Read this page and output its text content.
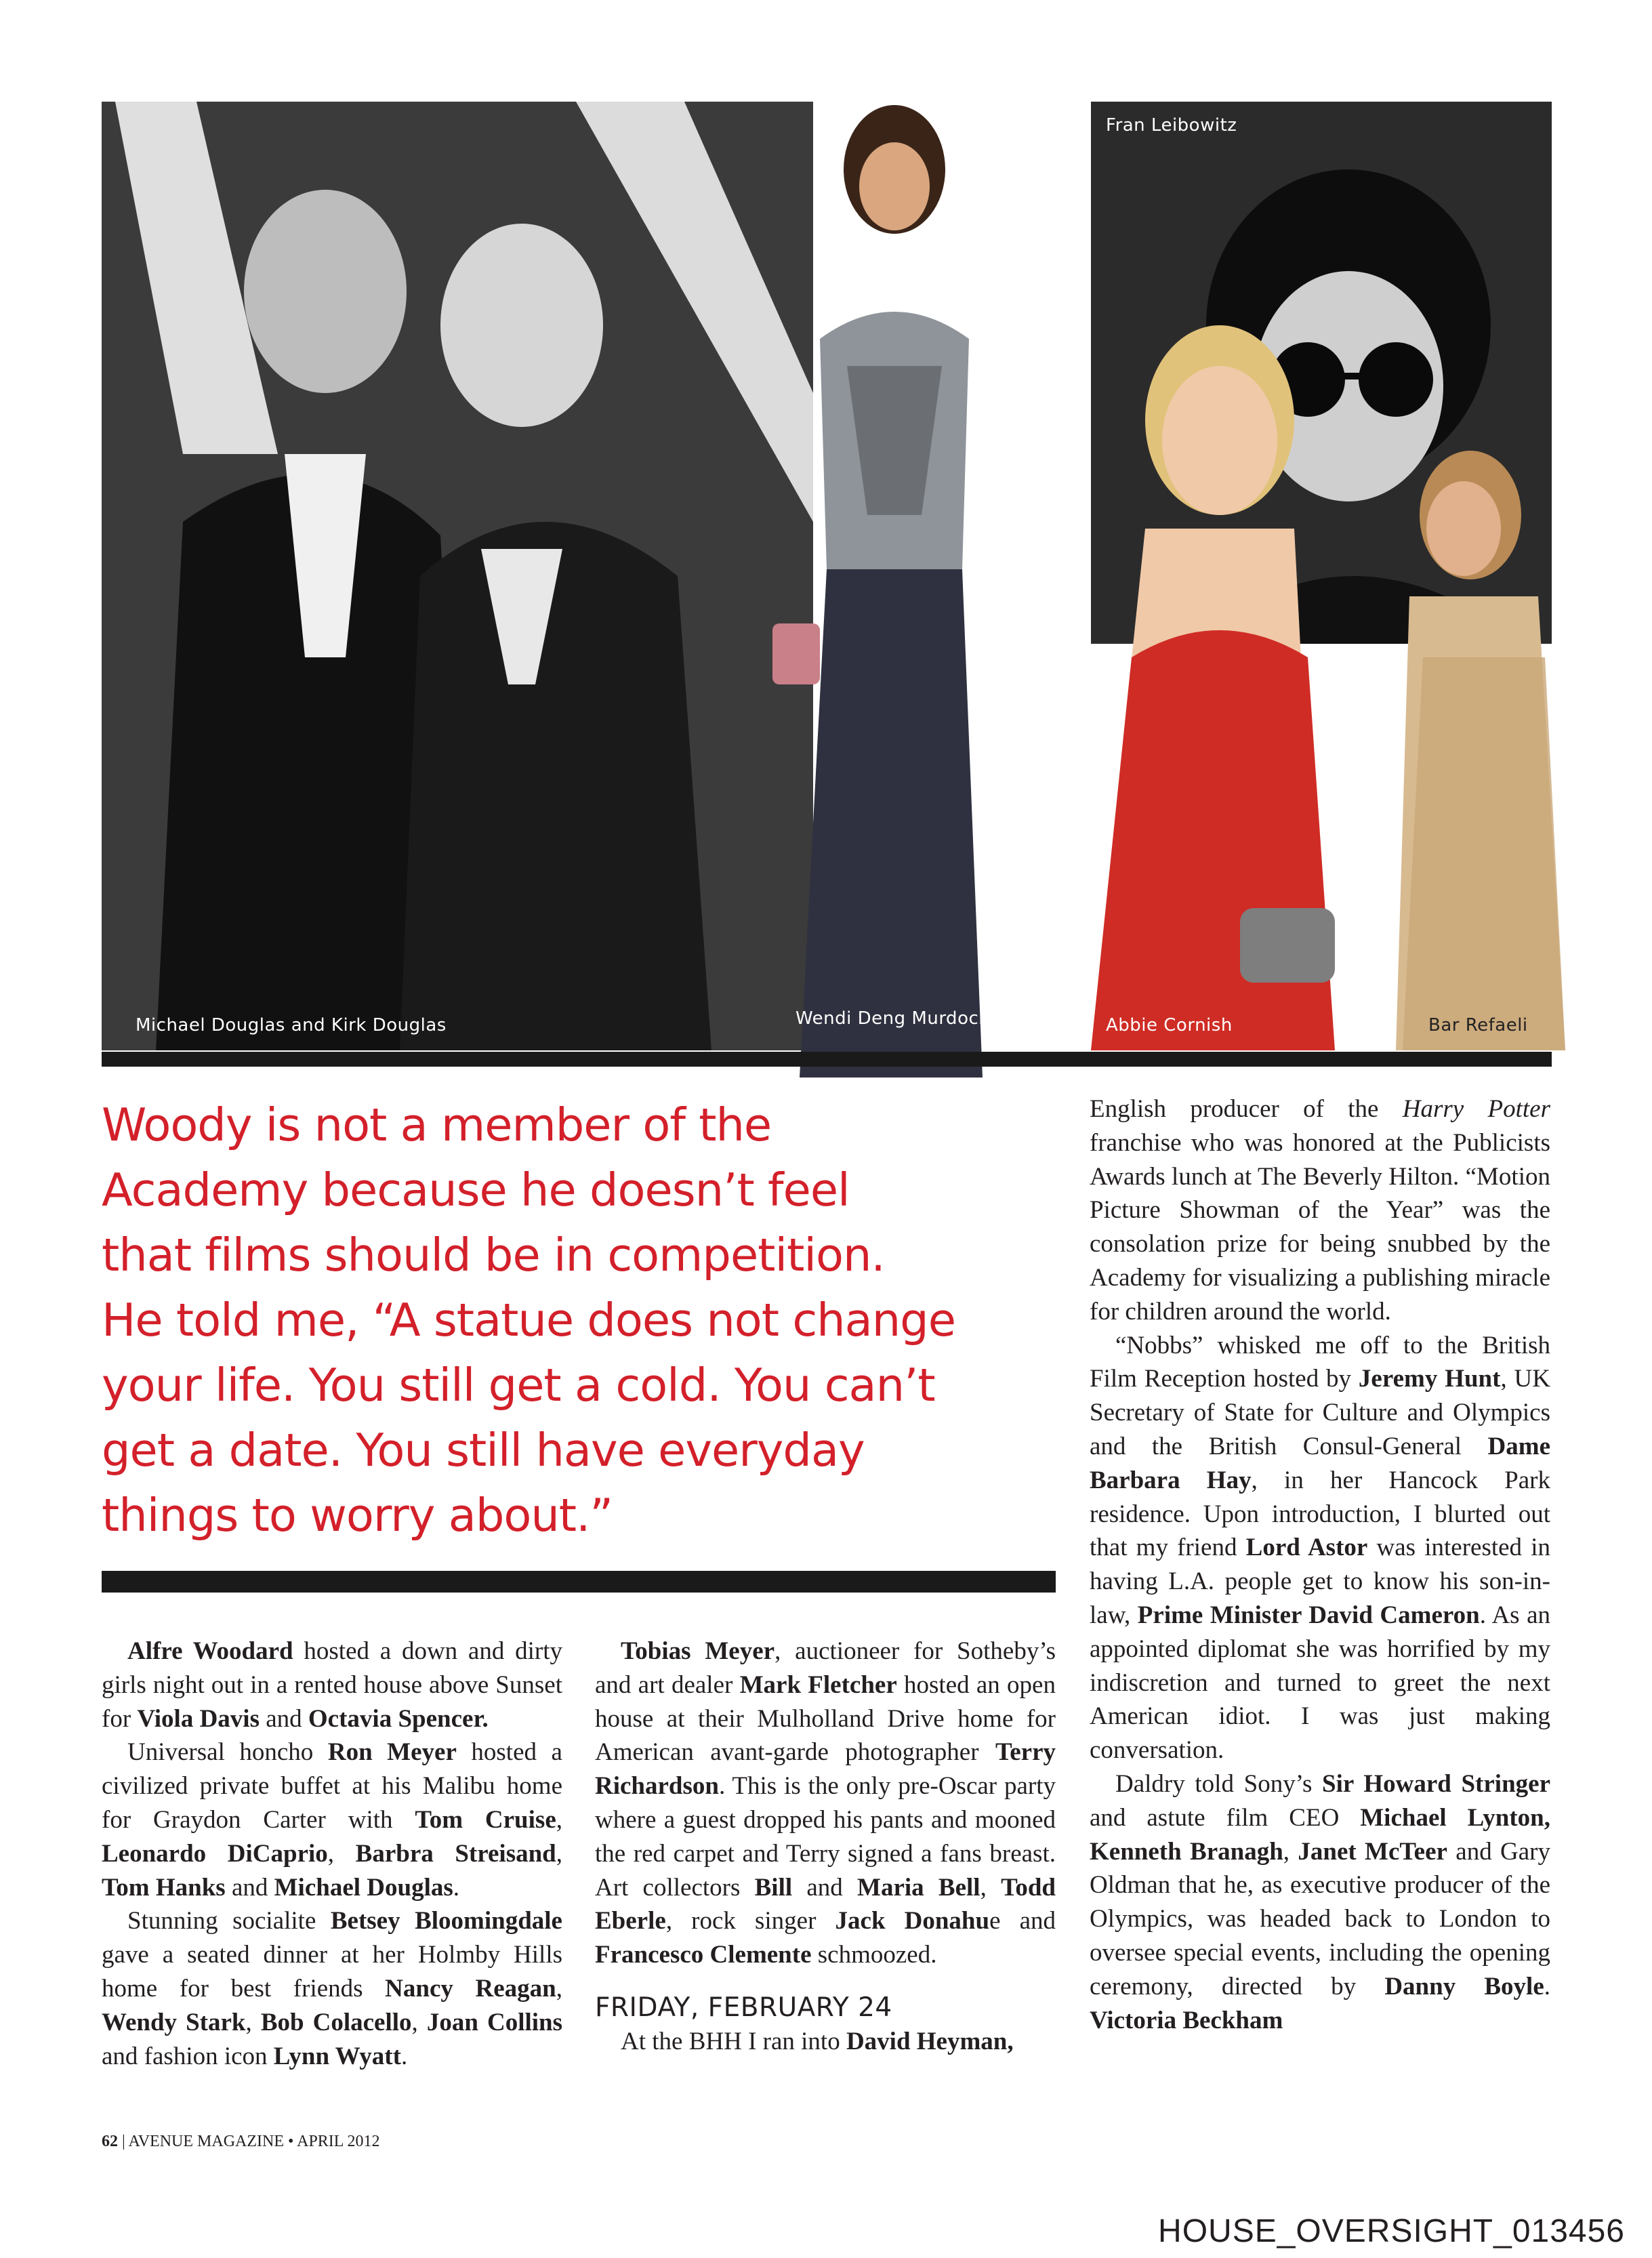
Michael Douglas and Kirk Douglas	Wendi Deng Murdoch
Fran Leibowitz
Abbie Cornish	Bar Refaeli
Woody is not a member of the
Academy because he doesn’t feel
that films should be in competition.
He told me, “A statue does not change
your life. You still get a cold. You can’t
get a date. You still have everyday
things to worry about.”

Alfre Woodard hosted a down and dirty girls night out in a rented house above Sunset for Viola Davis and Octavia Spencer.

Universal honcho Ron Meyer hosted a civilized private buffet at his Malibu home for Graydon Carter with Tom Cruise, Leonardo DiCaprio, Barbra Streisand, Tom Hanks and Michael Douglas.

Stunning socialite Betsey Bloomingdale gave a seated dinner at her Holmby Hills home for best friends Nancy Reagan, Wendy Stark, Bob Colacello, Joan Collins and fashion icon Lynn Wyatt.

Tobias Meyer, auctioneer for Sotheby’s and art dealer Mark Fletcher hosted an open house at their Mulholland Drive home for American avant-garde photographer Terry Richardson. This is the only pre-Oscar party where a guest dropped his pants and mooned the red carpet and Terry signed a fans breast. Art collectors Bill and Maria Bell, Todd Eberle, rock singer Jack Donahue and Francesco Clemente schmoozed.

FRIDAY, FEBRUARY 24

At the BHH I ran into David Heyman,

English producer of the Harry Potter franchise who was honored at the Publicists Awards lunch at The Beverly Hilton. “Motion Picture Showman of the Year” was the consolation prize for being snubbed by the Academy for visualizing a publishing miracle for children around the world.

“Nobbs” whisked me off to the British Film Reception hosted by Jeremy Hunt, UK Secretary of State for Culture and Olympics and the British Consul-General Dame Barbara Hay, in her Hancock Park residence. Upon introduction, I blurted out that my friend Lord Astor was interested in having L.A. people get to know his son-in-law, Prime Minister David Cameron. As an appointed diplomat she was horrified by my indiscretion and turned to greet the next American idiot. I was just making conversation.

Daldry told Sony’s Sir Howard Stringer and astute film CEO Michael Lynton, Kenneth Branagh, Janet McTeer and Gary Oldman that he, as executive producer of the Olympics, was headed back to London to oversee special events, including the opening ceremony, directed by Danny Boyle. Victoria Beckham

62 | AVENUE MAGAZINE • APRIL 2012
HOUSE_OVERSIGHT_013456
